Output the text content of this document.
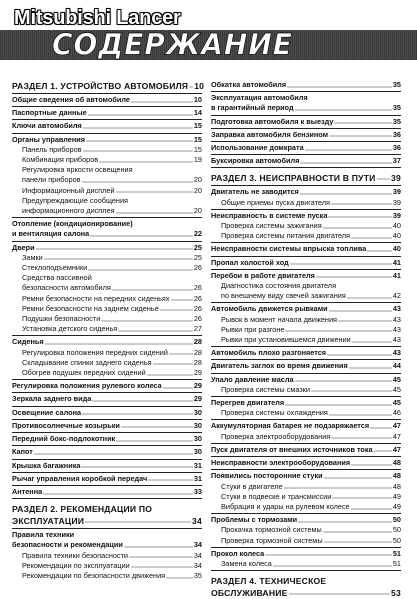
Mitsubishi Lancer
СОДЕРЖАНИЕ
РАЗДЕЛ 1. УСТРОЙСТВО АВТОМОБИЛЯ 10
Общие сведения об автомобиле	10
Паспортные данные	14
Ключи автомобиля	15
Органы управления	15
Панель приборов	15
Комбинация приборов	19
Регулировка яркости освещения
панели приборов	20
Информационный дисплей	20
Предупреждающие сообщения
информационного дисплея	20
Отопление (кондиционирование)
и вентиляция салона	22
Двери	25
Замки	25
Стеклоподъемники	26
Средства пассивной
безопасности автомобиля	26
Ремни безопасности на передних сиденьях	26
Ремни безопасности на заднем сиденье	26
Подушки безопасности	26
Установка детского сиденья	27
Сиденья	28
Регулировка положения передних сидений	28
Складывание спинки заднего сиденья	28
Обогрев подушек передних сидений	29
Регулировка положения рулевого колеса	29
Зеркала заднего вида	29
Освещение салона	30
Противосолнечные козырьки	30
Передний бокс-подлокотник	30
Капот	30
Крышка багажника	31
Рычаг управления коробкой передач	31
Антенна	33
РАЗДЕЛ 2. РЕКОМЕНДАЦИИ ПО
ЭКСПЛУАТАЦИИ	34
Правила техники
безопасности и рекомендации	34
Правила техники безопасности	34
Рекомендации по эксплуатации	34
Рекомендации по безопасности движения	35
Обкатка автомобиля	35
Эксплуатация автомобиля
в гарантийный период	35
Подготовка автомобиля к выезду	35
Заправка автомобиля бензином	36
Использование домкрата	36
Буксировка автомобиля	37
РАЗДЕЛ 3. НЕИСПРАВНОСТИ В ПУТИ 39
Двигатель не заводится	39
Общие приемы пуска двигателя	39
Неисправность в системе пуска	39
Проверка системы зажигания	40
Проверка системы питания двигателя	40
Неисправности системы впрыска топлива	40
Пропал холостой ход	41
Перебои в работе двигателя	41
Диагностика состояния двигателя
по внешнему виду свечей зажигания	42
Автомобиль движется рывками	43
Рывок в момент начала движения	43
Рывки при разгоне	43
Рывки при установившемся движении	43
Автомобиль плохо разгоняется	43
Двигатель заглох во время движения	44
Упало давление масла	45
Проверка системы смазки	45
Перегрев двигателя	45
Проверка системы охлаждения	46
Аккумуляторная батарея не подзаряжается	47
Проверка электрооборудования	47
Пуск двигателя от внешних источников тока	47
Неисправности электрооборудования	48
Появились посторонние стуки	48
Стуки в двигателе	48
Стуки в подвеске и трансмиссии	49
Вибрация и удары на рулевом колесе	49
Проблемы с тормозами	50
Прокачка тормозной системы	50
Проверка тормозной системы	50
Прокол колеса	51
Замена колеса	51
РАЗДЕЛ 4. ТЕХНИЧЕСКОЕ
ОБСЛУЖИВАНИЕ	53
